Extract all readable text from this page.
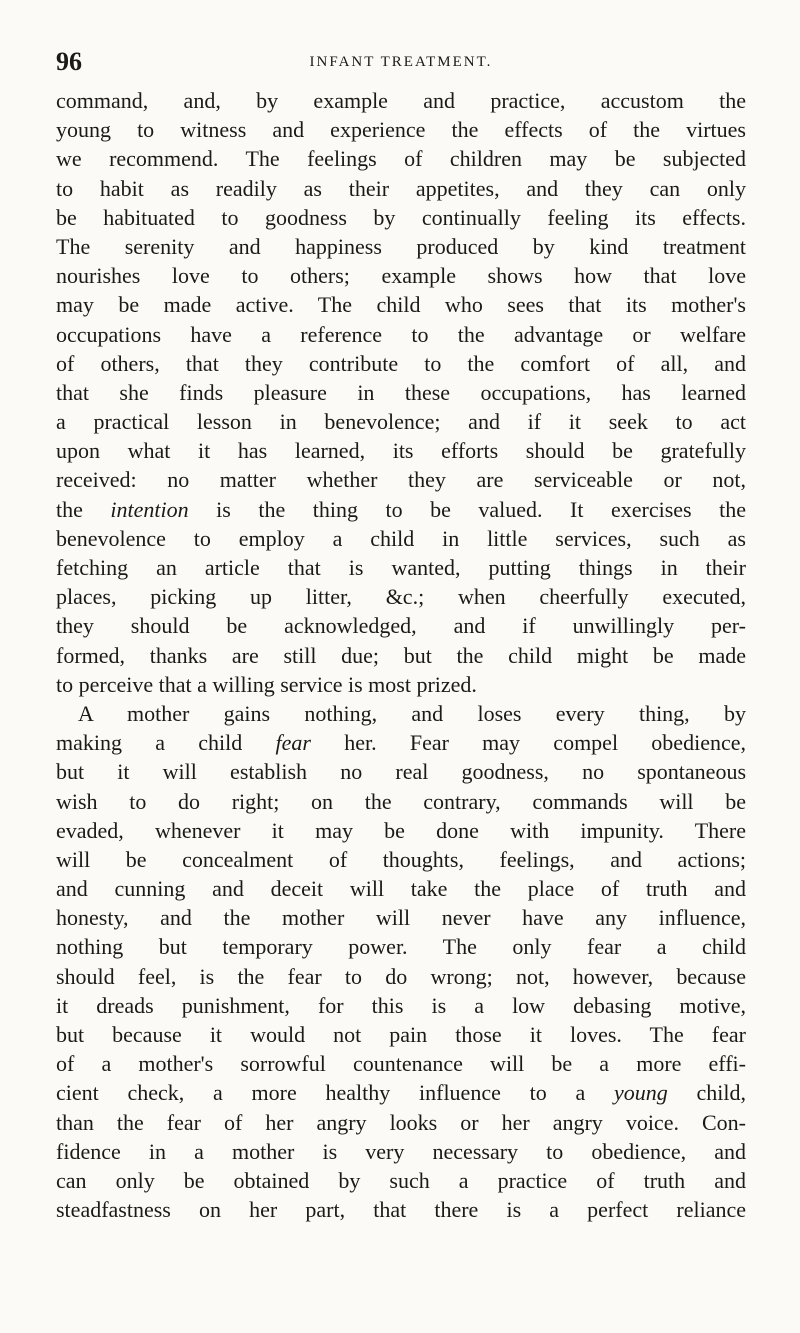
96	INFANT TREATMENT.
command, and, by example and practice, accustom the
young to witness and experience the effects of the virtues
we recommend. The feelings of children may be subjected
to habit as readily as their appetites, and they can only
be habituated to goodness by continually feeling its effects.
The serenity and happiness produced by kind treatment
nourishes love to others; example shows how that love
may be made active. The child who sees that its mother's
occupations have a reference to the advantage or welfare
of others, that they contribute to the comfort of all, and
that she finds pleasure in these occupations, has learned
a practical lesson in benevolence; and if it seek to act
upon what it has learned, its efforts should be gratefully
received: no matter whether they are serviceable or not,
the intention is the thing to be valued. It exercises the
benevolence to employ a child in little services, such as
fetching an article that is wanted, putting things in their
places, picking up litter, &c.; when cheerfully executed,
they should be acknowledged, and if unwillingly per-
formed, thanks are still due; but the child might be made
to perceive that a willing service is most prized.
A mother gains nothing, and loses every thing, by
making a child fear her. Fear may compel obedience,
but it will establish no real goodness, no spontaneous
wish to do right; on the contrary, commands will be
evaded, whenever it may be done with impunity. There
will be concealment of thoughts, feelings, and actions;
and cunning and deceit will take the place of truth and
honesty, and the mother will never have any influence,
nothing but temporary power. The only fear a child
should feel, is the fear to do wrong; not, however, because
it dreads punishment, for this is a low debasing motive,
but because it would not pain those it loves. The fear
of a mother's sorrowful countenance will be a more effi-
cient check, a more healthy influence to a young child,
than the fear of her angry looks or her angry voice. Con-
fidence in a mother is very necessary to obedience, and
can only be obtained by such a practice of truth and
steadfastness on her part, that there is a perfect reliance
